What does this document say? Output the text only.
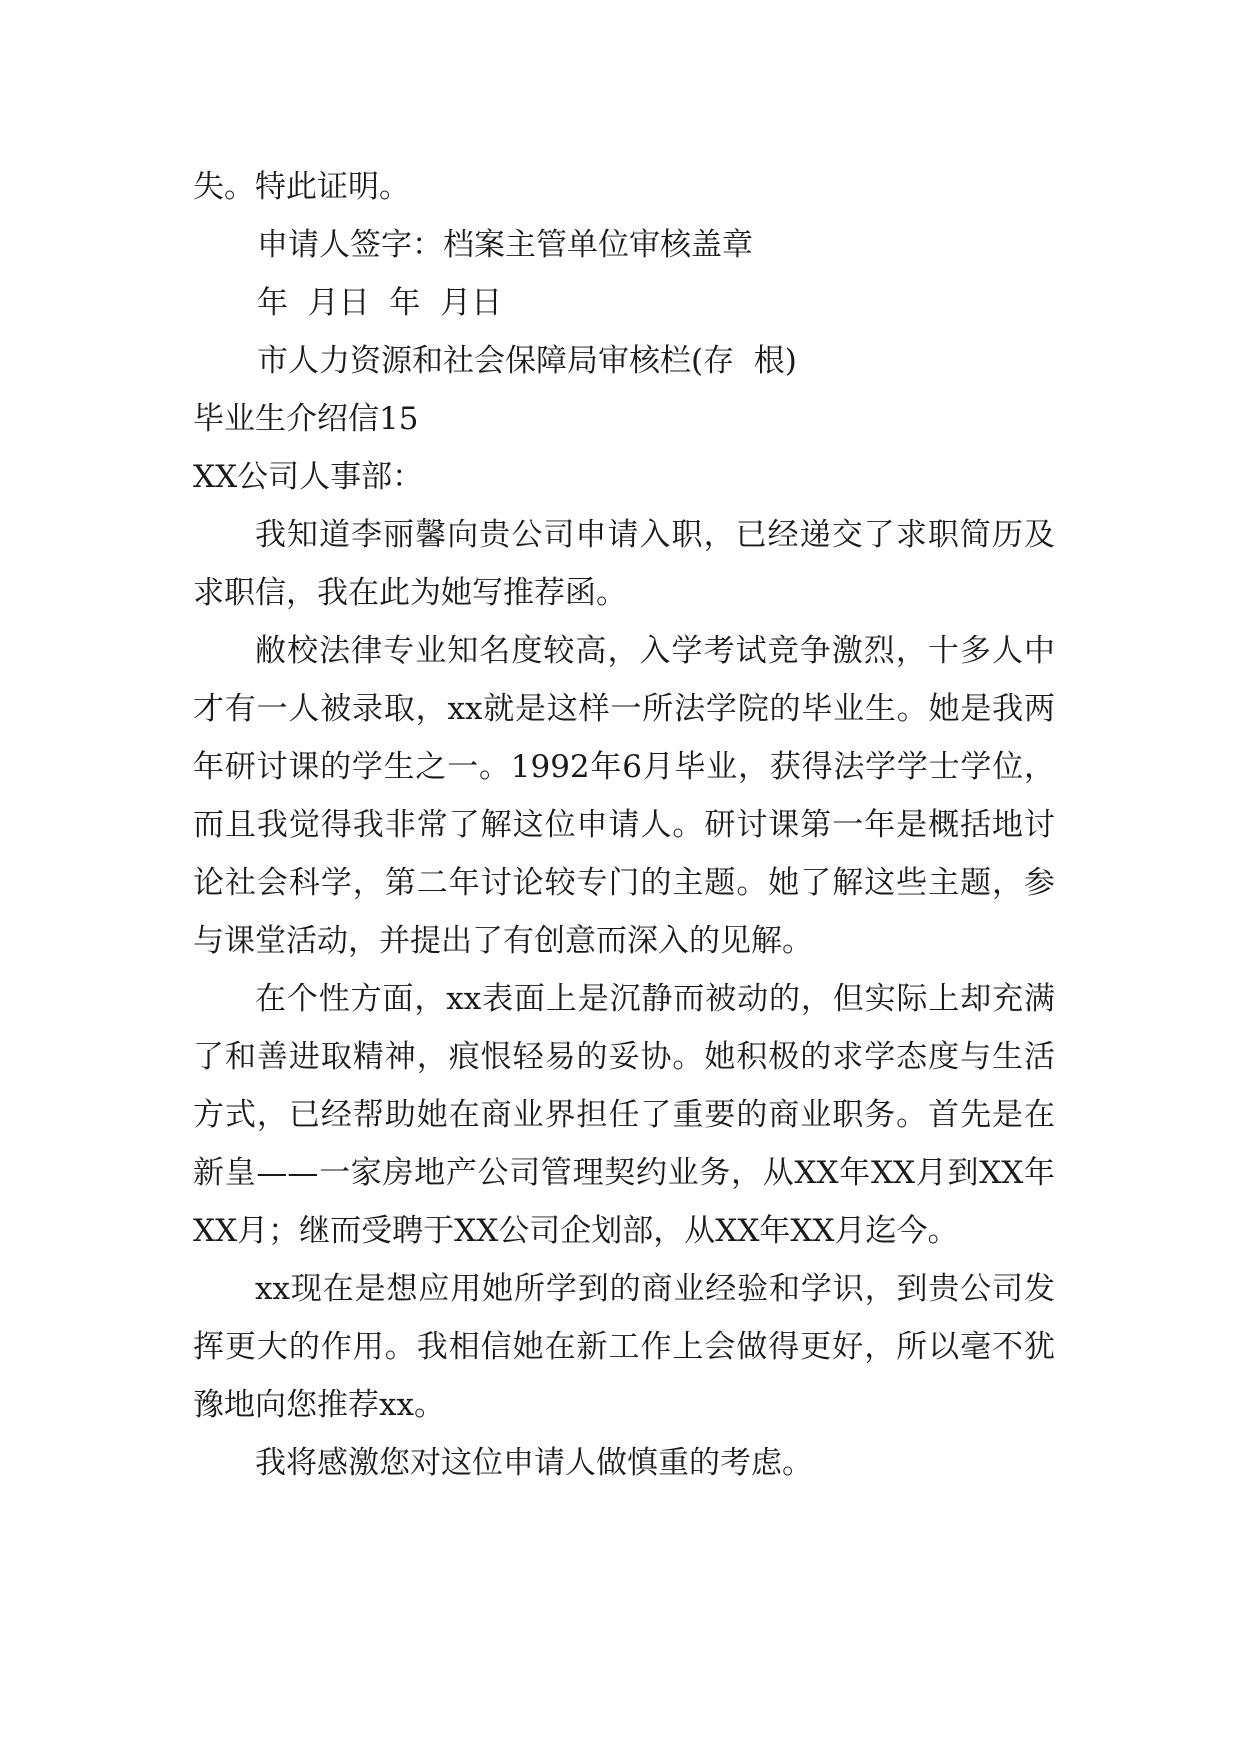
失。特此证明。

申请人签字：档案主管单位审核盖章

年  月日  年  月日

市人力资源和社会保障局审核栏(存  根)

毕业生介绍信15

XX公司人事部：

我知道李丽馨向贵公司申请入职，已经递交了求职简历及求职信，我在此为她写推荐函。

敝校法律专业知名度较高，入学考试竞争激烈，十多人中才有一人被录取，xx就是这样一所法学院的毕业生。她是我两年研讨课的学生之一。1992年6月毕业，获得法学学士学位，而且我觉得我非常了解这位申请人。研讨课第一年是概括地讨论社会科学，第二年讨论较专门的主题。她了解这些主题，参与课堂活动，并提出了有创意而深入的见解。

在个性方面，xx表面上是沉静而被动的，但实际上却充满了和善进取精神，痕恨轻易的妥协。她积极的求学态度与生活方式，已经帮助她在商业界担任了重要的商业职务。首先是在新皇——一家房地产公司管理契约业务，从XX年XX月到XX年XX月；继而受聘于XX公司企划部，从XX年XX月迄今。

xx现在是想应用她所学到的商业经验和学识，到贵公司发挥更大的作用。我相信她在新工作上会做得更好，所以毫不犹豫地向您推荐xx。

我将感激您对这位申请人做慎重的考虑。
